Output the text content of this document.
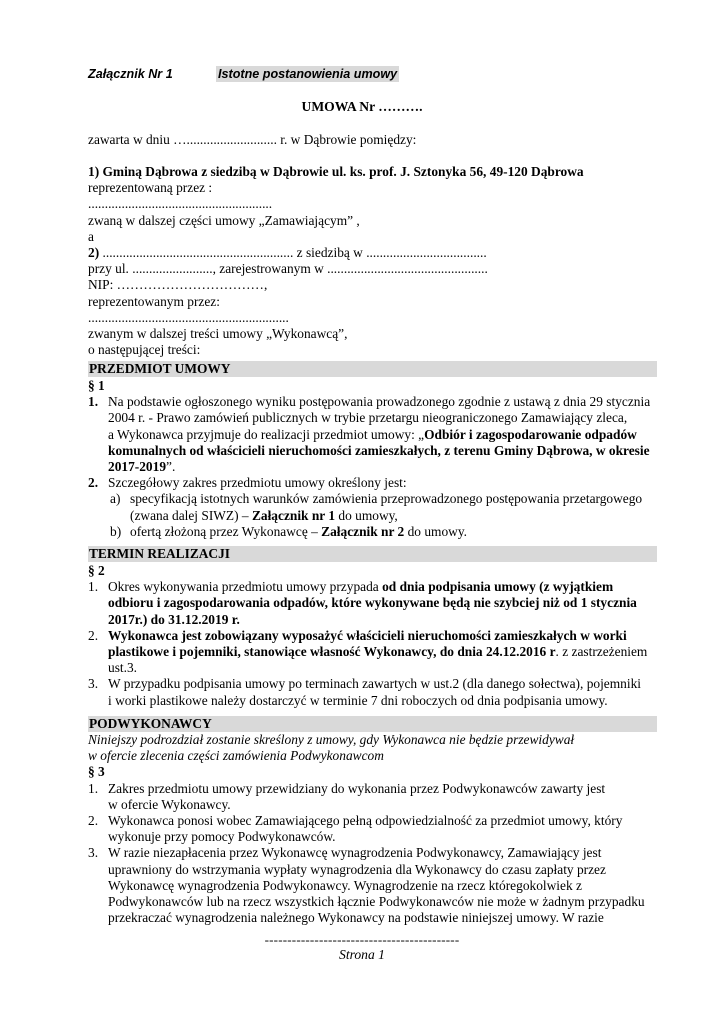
Załącznik Nr 1	Istotne postanowienia umowy
UMOWA Nr ……….
zawarta w dniu …........................... r. w Dąbrowie pomiędzy:
1) Gminą Dąbrowa z siedzibą w Dąbrowie ul. ks. prof. J. Sztonyka 56, 49-120 Dąbrowa
reprezentowaną przez :
.......................................................
zwaną w dalszej części umowy „Zamawiającym” ,
a
2) ......................................................... z siedzibą w ....................................
przy ul. ........................, zarejestrowanym w ................................................
NIP: ……………………………,
reprezentowanym przez:
............................................................
zwanym w dalszej treści umowy „Wykonawcą”,
o następującej treści:
PRZEDMIOT UMOWY
§ 1
1. Na podstawie ogłoszonego wyniku postępowania prowadzonego zgodnie z ustawą z dnia 29 stycznia
2004 r. - Prawo zamówień publicznych w trybie przetargu nieograniczonego Zamawiający zleca,
a Wykonawca przyjmuje do realizacji przedmiot umowy: „Odbiór i zagospodarowanie odpadów
komunalnych od właścicieli nieruchomości zamieszkałych, z terenu Gminy Dąbrowa, w okresie
2017-2019”.
2. Szczegółowy zakres przedmiotu umowy określony jest:
a) specyfikacją istotnych warunków zamówienia przeprowadzonego postępowania przetargowego
(zwana dalej SIWZ) – Załącznik nr 1 do umowy,
b) ofertą złożoną przez Wykonawcę – Załącznik nr 2 do umowy.
TERMIN REALIZACJI
§ 2
1. Okres wykonywania przedmiotu umowy przypada od dnia podpisania umowy (z wyjątkiem
odbioru i zagospodarowania odpadów, które wykonywane będą nie szybciej niż od 1 stycznia
2017r.) do 31.12.2019 r.
2. Wykonawca jest zobowiązany wyposażyć właścicieli nieruchomości zamieszkałych w worki
plastikowe i pojemniki, stanowiące własność Wykonawcy, do dnia 24.12.2016 r. z zastrzeżeniem
ust.3.
3. W przypadku podpisania umowy po terminach zawartych w ust.2 (dla danego sołectwa), pojemniki
i worki plastikowe należy dostarczyć w terminie 7 dni roboczych od dnia podpisania umowy.
PODWYKONAWCY
Niniejszy podrozdział zostanie skreślony z umowy, gdy Wykonawca nie będzie przewidywał
w ofercie zlecenia części zamówienia Podwykonawcom
§ 3
1. Zakres przedmiotu umowy przewidziany do wykonania przez Podwykonawców zawarty jest
w ofercie Wykonawcy.
2. Wykonawca ponosi wobec Zamawiającego pełną odpowiedzialność za przedmiot umowy, który
wykonuje przy pomocy Podwykonawców.
3. W razie niezapłacenia przez Wykonawcę wynagrodzenia Podwykonawcy, Zamawiający jest
uprawniony do wstrzymania wypłaty wynagrodzenia dla Wykonawcy do czasu zapłaty przez
Wykonawcę wynagrodzenia Podwykonawcy. Wynagrodzenie na rzecz któregokolwiek z
Podwykonawców lub na rzecz wszystkich łącznie Podwykonawców nie może w żadnym przypadku
przekraczać wynagrodzenia należnego Wykonawcy na podstawie niniejszej umowy. W razie
-------------------------------------------
Strona 1
